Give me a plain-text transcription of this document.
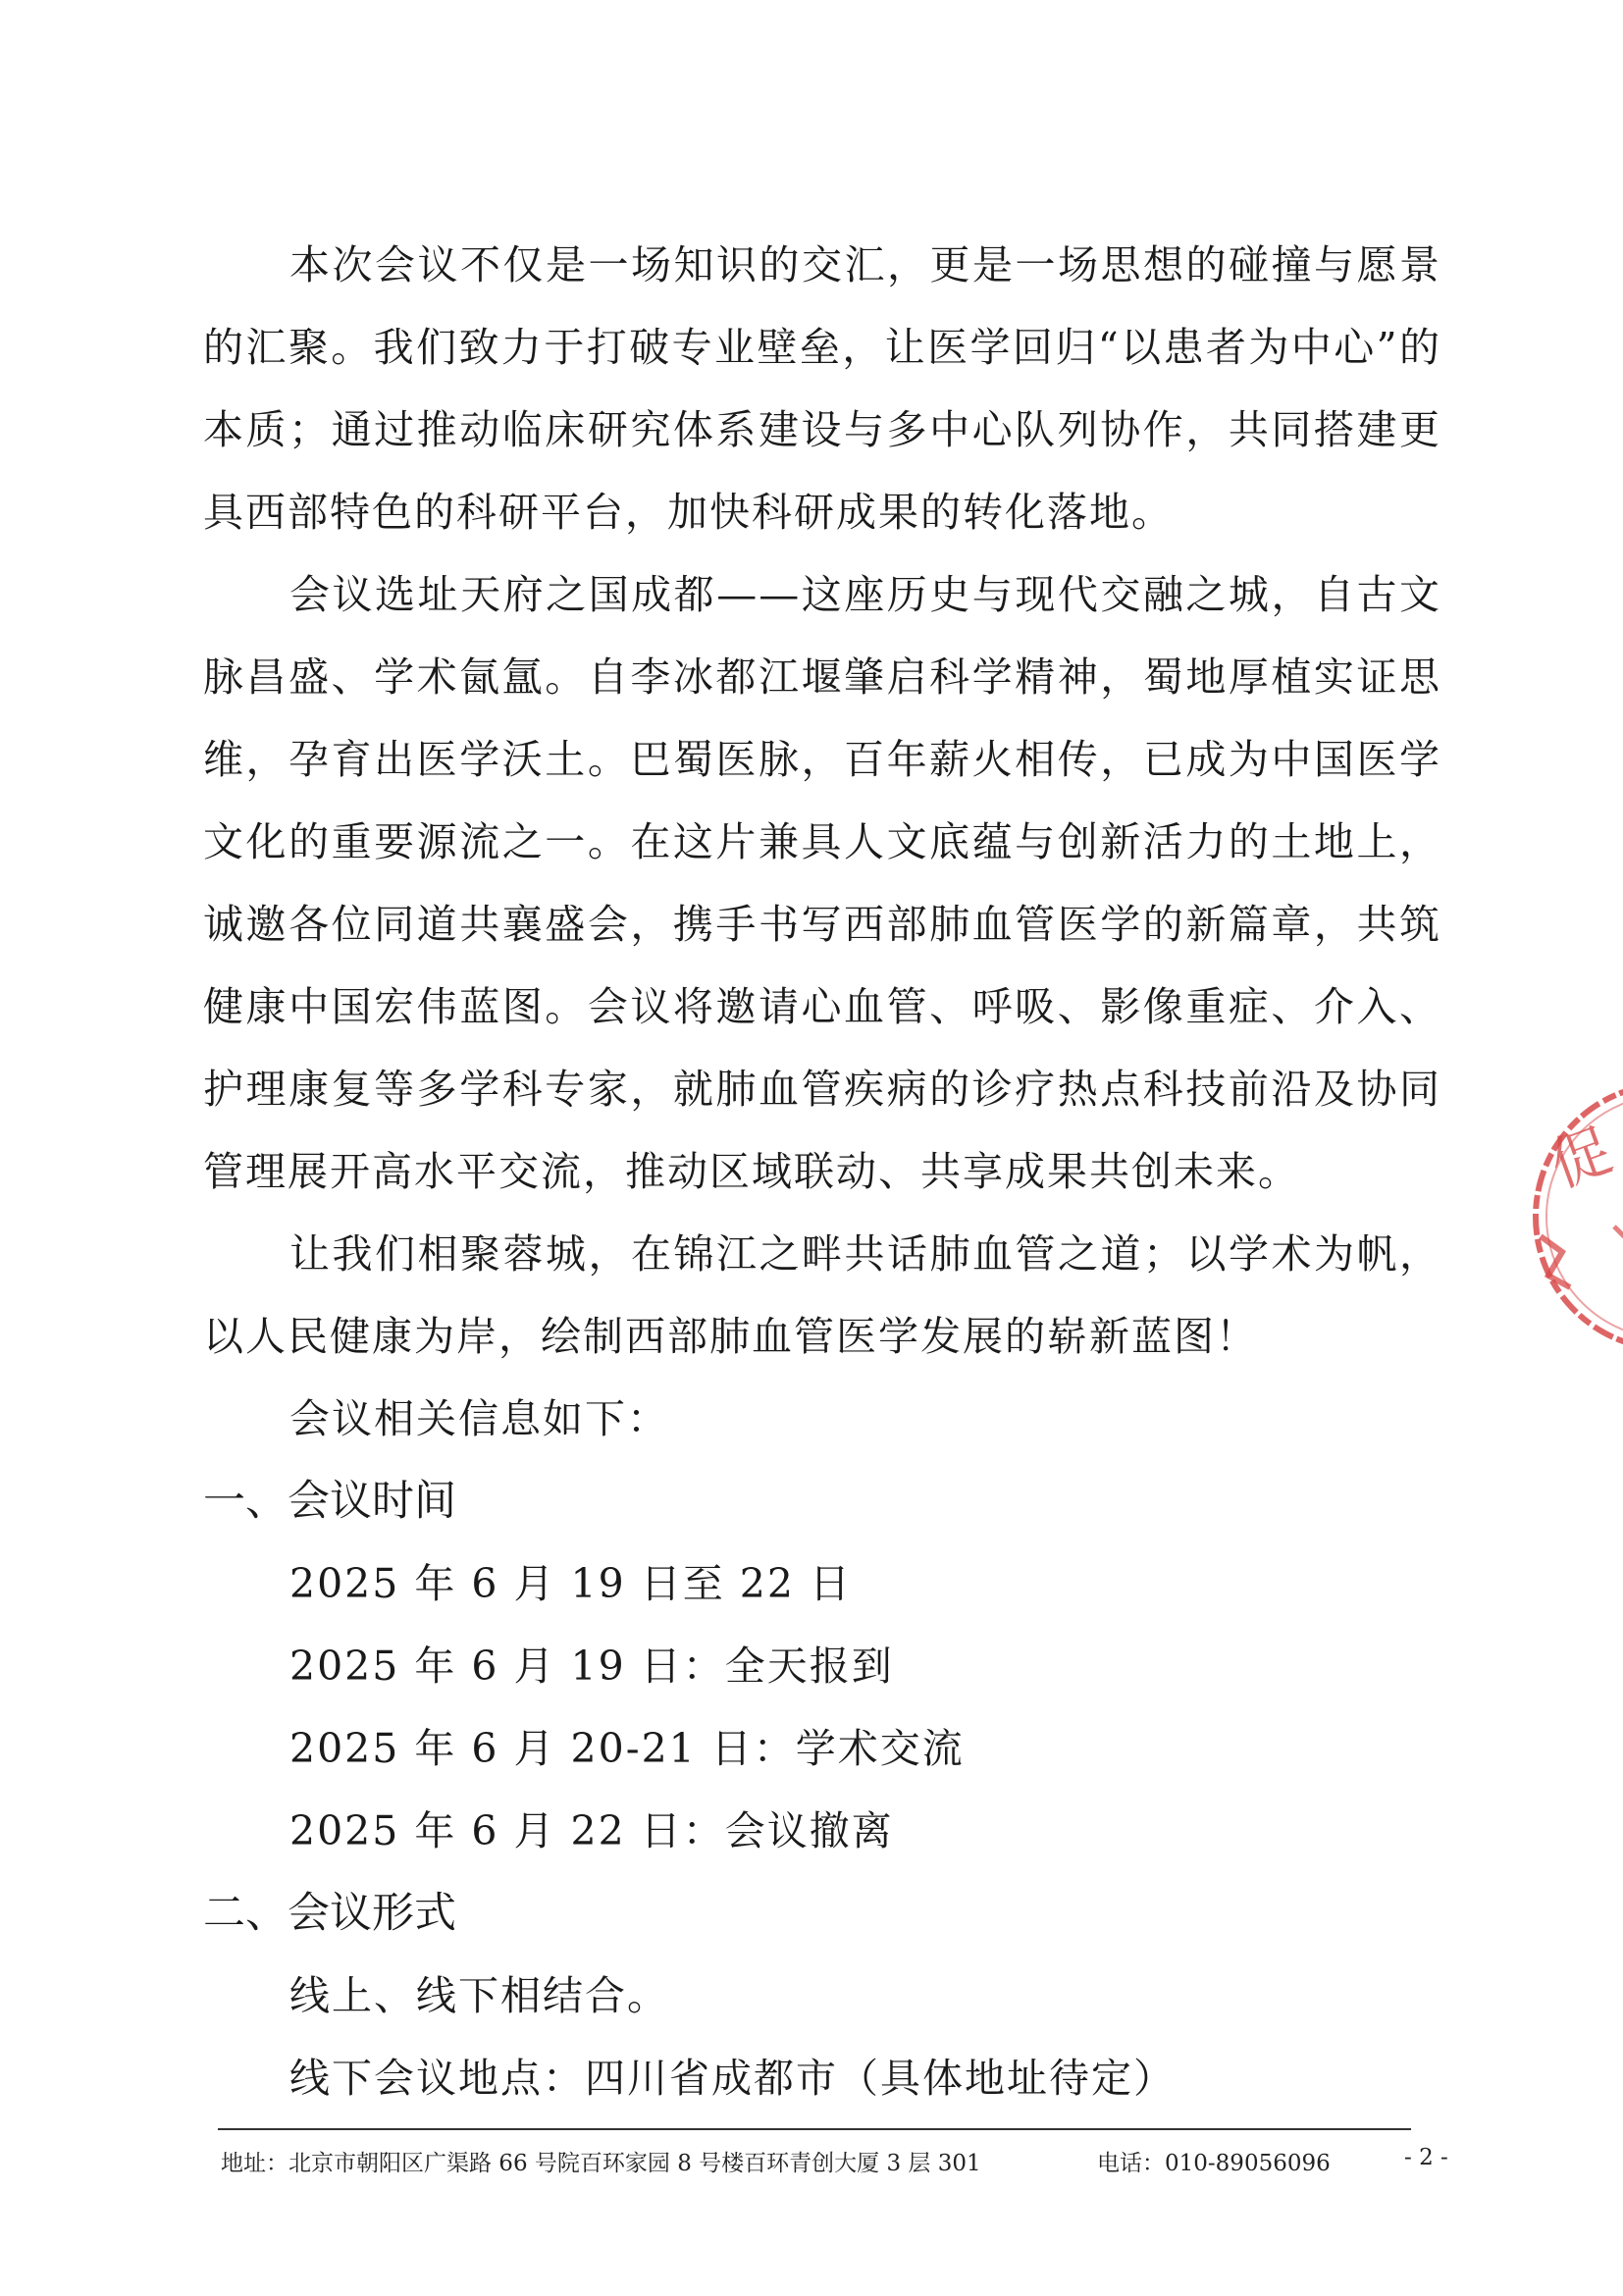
本次会议不仅是一场知识的交汇，更是一场思想的碰撞与愿景的汇聚。我们致力于打破专业壁垒，让医学回归“以患者为中心”的本质；通过推动临床研究体系建设与多中心队列协作，共同搭建更具西部特色的科研平台，加快科研成果的转化落地。

会议选址天府之国成都——这座历史与现代交融之城，自古文脉昌盛、学术氤氲。自李冰都江堰肇启科学精神，蜀地厚植实证思维，孕育出医学沃土。巴蜀医脉，百年薪火相传，已成为中国医学文化的重要源流之一。在这片兼具人文底蕴与创新活力的土地上，诚邀各位同道共襄盛会，携手书写西部肺血管医学的新篇章，共筑健康中国宏伟蓝图。会议将邀请心血管、呼吸、影像重症、介入、护理康复等多学科专家，就肺血管疾病的诊疗热点科技前沿及协同管理展开高水平交流，推动区域联动、共享成果共创未来。

让我们相聚蓉城，在锦江之畔共话肺血管之道；以学术为帆，以人民健康为岸，绘制西部肺血管医学发展的崭新蓝图！

会议相关信息如下：

一、会议时间

2025 年 6 月 19 日至 22 日

2025 年 6 月 19 日：全天报到

2025 年 6 月 20-21 日：学术交流

2025 年 6 月 22 日：会议撤离

二、会议形式

线上、线下相结合。

线下会议地点：四川省成都市（具体地址待定）

促
地址：北京市朝阳区广渠路 66 号院百环家园 8 号楼百环青创大厦 3 层 301	电话：010-89056096	- 2 -
